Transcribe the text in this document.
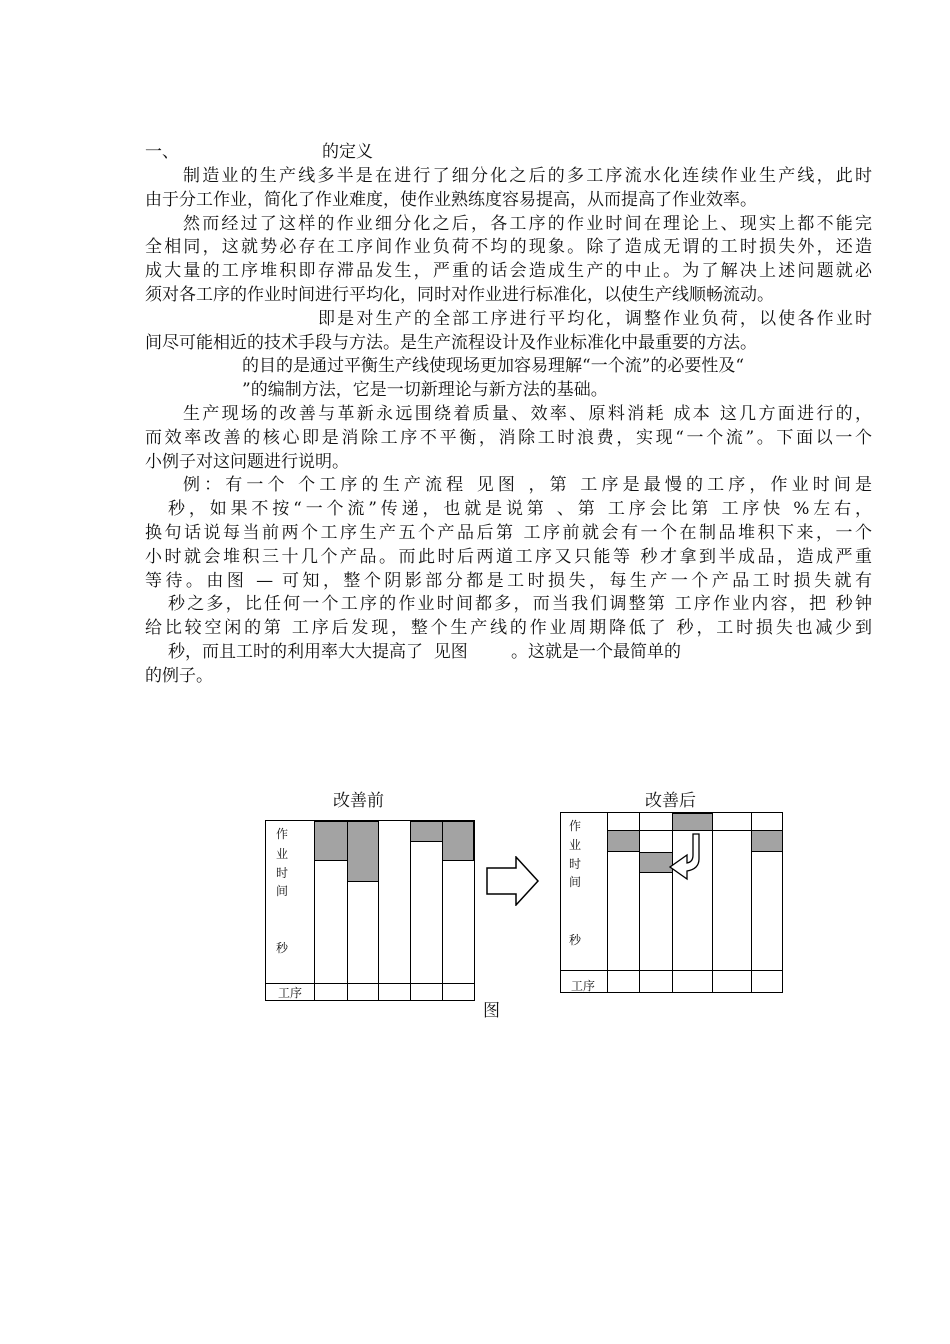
一、	的定义
制造业的生产线多半是在进行了细分化之后的多工序流水化连续作业生产线，此时
由于分工作业，简化了作业难度，使作业熟练度容易提高，从而提高了作业效率。
然而经过了这样的作业细分化之后，各工序的作业时间在理论上、现实上都不能完
全相同，这就势必存在工序间作业负荷不均的现象。除了造成无谓的工时损失外，还造
成大量的工序堆积即存滞品发生，严重的话会造成生产的中止。为了解决上述问题就必
须对各工序的作业时间进行平均化，同时对作业进行标准化，以使生产线顺畅流动。
即是对生产的全部工序进行平均化，调整作业负荷，以使各作业时
间尽可能相近的技术手段与方法。是生产流程设计及作业标准化中最重要的方法。
的目的是通过平衡生产线使现场更加容易理解“一个流”的必要性及“
”的编制方法，它是一切新理论与新方法的基础。
生产现场的改善与革新永远围绕着质量、效率、原料消耗 成本 这几方面进行的，
而效率改善的核心即是消除工序不平衡，消除工时浪费，实现“一个流”。下面以一个
小例子对这问题进行说明。
例：有一个 个工序的生产流程 见图 ，第 工序是最慢的工序，作业时间是
秒，如果不按“一个流”传递，也就是说第 、第 工序会比第 工序快 %左右，
换句话说每当前两个工序生产五个产品后第 工序前就会有一个在制品堆积下来，一个
小时就会堆积三十几个产品。而此时后两道工序又只能等 秒才拿到半成品，造成严重
等待。由图 — 可知，整个阴影部分都是工时损失，每生产一个产品工时损失就有
秒之多，比任何一个工序的作业时间都多，而当我们调整第 工序作业内容，把 秒钟
给比较空闲的第 工序后发现，整个生产线的作业周期降低了 秒，工时损失也减少到
秒，而且工时的利用率大大提高了  见图        。这就是一个最简单的
的例子。
改善前
作
业
时
间
秒
工序
改善后
作
业
时
间
秒
工序
图
